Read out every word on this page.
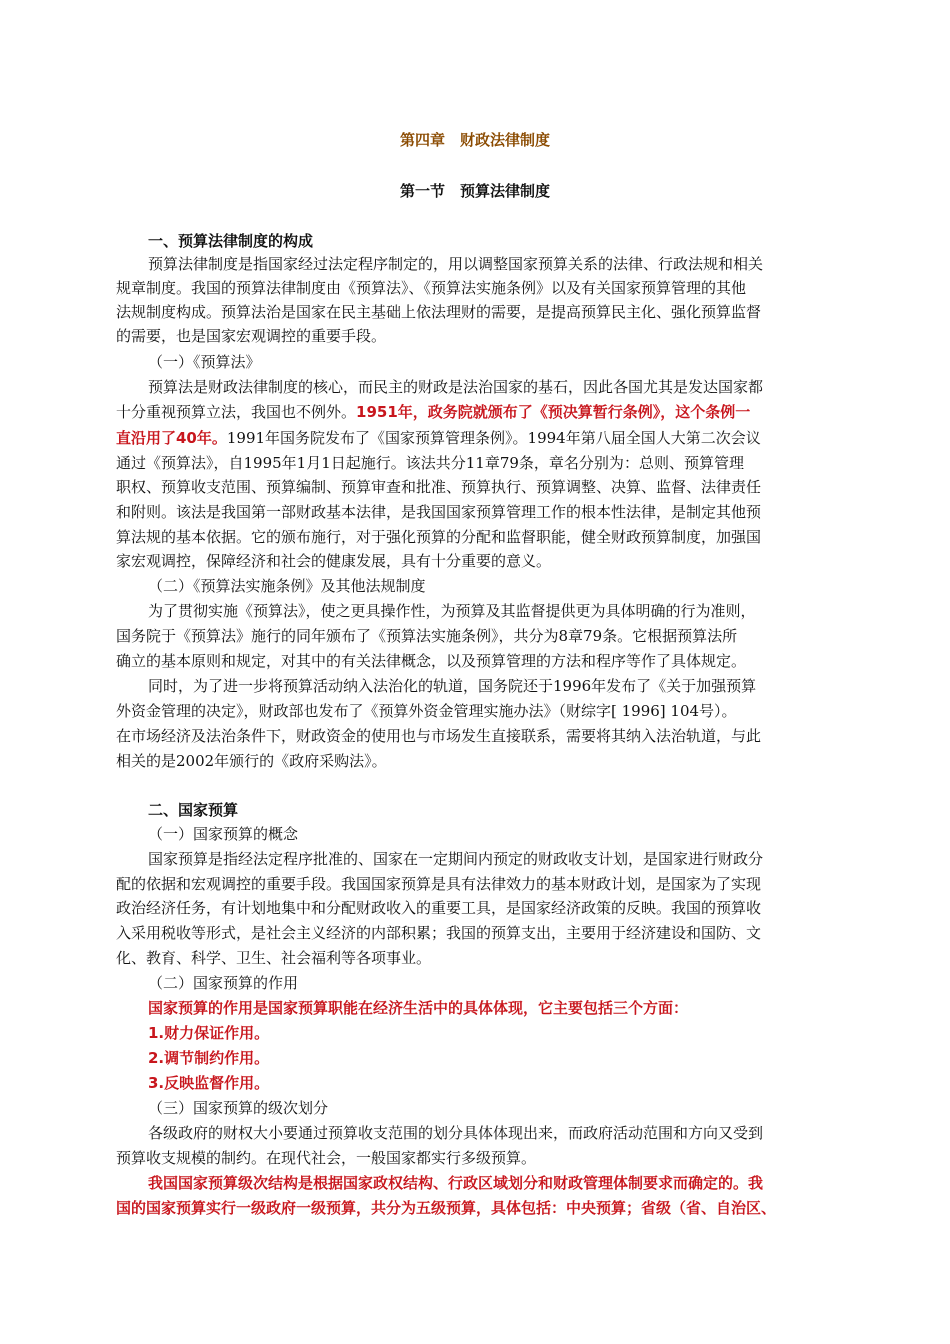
第四章　财政法律制度
第一节　预算法律制度
一、预算法律制度的构成
预算法律制度是指国家经过法定程序制定的，用以调整国家预算关系的法律、行政法规和相关
规章制度。我国的预算法律制度由《预算法》、《预算法实施条例》以及有关国家预算管理的其他
法规制度构成。预算法治是国家在民主基础上依法理财的需要，是提高预算民主化、强化预算监督
的需要，也是国家宏观调控的重要手段。
（一）《预算法》
预算法是财政法律制度的核心，而民主的财政是法治国家的基石，因此各国尤其是发达国家都
十分重视预算立法，我国也不例外。1951年，政务院就颁布了《预决算暂行条例》，这个条例一
直沿用了40年。1991年国务院发布了《国家预算管理条例》。1994年第八届全国人大第二次会议
通过《预算法》，自1995年1月1日起施行。该法共分11章79条，章名分别为：总则、预算管理
职权、预算收支范围、预算编制、预算审查和批准、预算执行、预算调整、决算、监督、法律责任
和附则。该法是我国第一部财政基本法律，是我国国家预算管理工作的根本性法律，是制定其他预
算法规的基本依据。它的颁布施行，对于强化预算的分配和监督职能，健全财政预算制度，加强国
家宏观调控，保障经济和社会的健康发展，具有十分重要的意义。
（二）《预算法实施条例》及其他法规制度
为了贯彻实施《预算法》，使之更具操作性，为预算及其监督提供更为具体明确的行为准则，
国务院于《预算法》施行的同年颁布了《预算法实施条例》，共分为8章79条。它根据预算法所
确立的基本原则和规定，对其中的有关法律概念，以及预算管理的方法和程序等作了具体规定。
同时，为了进一步将预算活动纳入法治化的轨道，国务院还于1996年发布了《关于加强预算
外资金管理的决定》，财政部也发布了《预算外资金管理实施办法》（财综字[ 1996] 104号）。
在市场经济及法治条件下，财政资金的使用也与市场发生直接联系，需要将其纳入法治轨道，与此
相关的是2002年颁行的《政府采购法》。
二、国家预算
（一）国家预算的概念
国家预算是指经法定程序批准的、国家在一定期间内预定的财政收支计划，是国家进行财政分
配的依据和宏观调控的重要手段。我国国家预算是具有法律效力的基本财政计划，是国家为了实现
政治经济任务，有计划地集中和分配财政收入的重要工具，是国家经济政策的反映。我国的预算收
入采用税收等形式，是社会主义经济的内部积累；我国的预算支出，主要用于经济建设和国防、文
化、教育、科学、卫生、社会福利等各项事业。
（二）国家预算的作用
国家预算的作用是国家预算职能在经济生活中的具体体现，它主要包括三个方面：
1.财力保证作用。
2.调节制约作用。
3.反映监督作用。
（三）国家预算的级次划分
各级政府的财权大小要通过预算收支范围的划分具体体现出来，而政府活动范围和方向又受到
预算收支规模的制约。在现代社会，一般国家都实行多级预算。
我国国家预算级次结构是根据国家政权结构、行政区域划分和财政管理体制要求而确定的。我
国的国家预算实行一级政府一级预算，共分为五级预算，具体包括：中央预算；省级（省、自治区、
